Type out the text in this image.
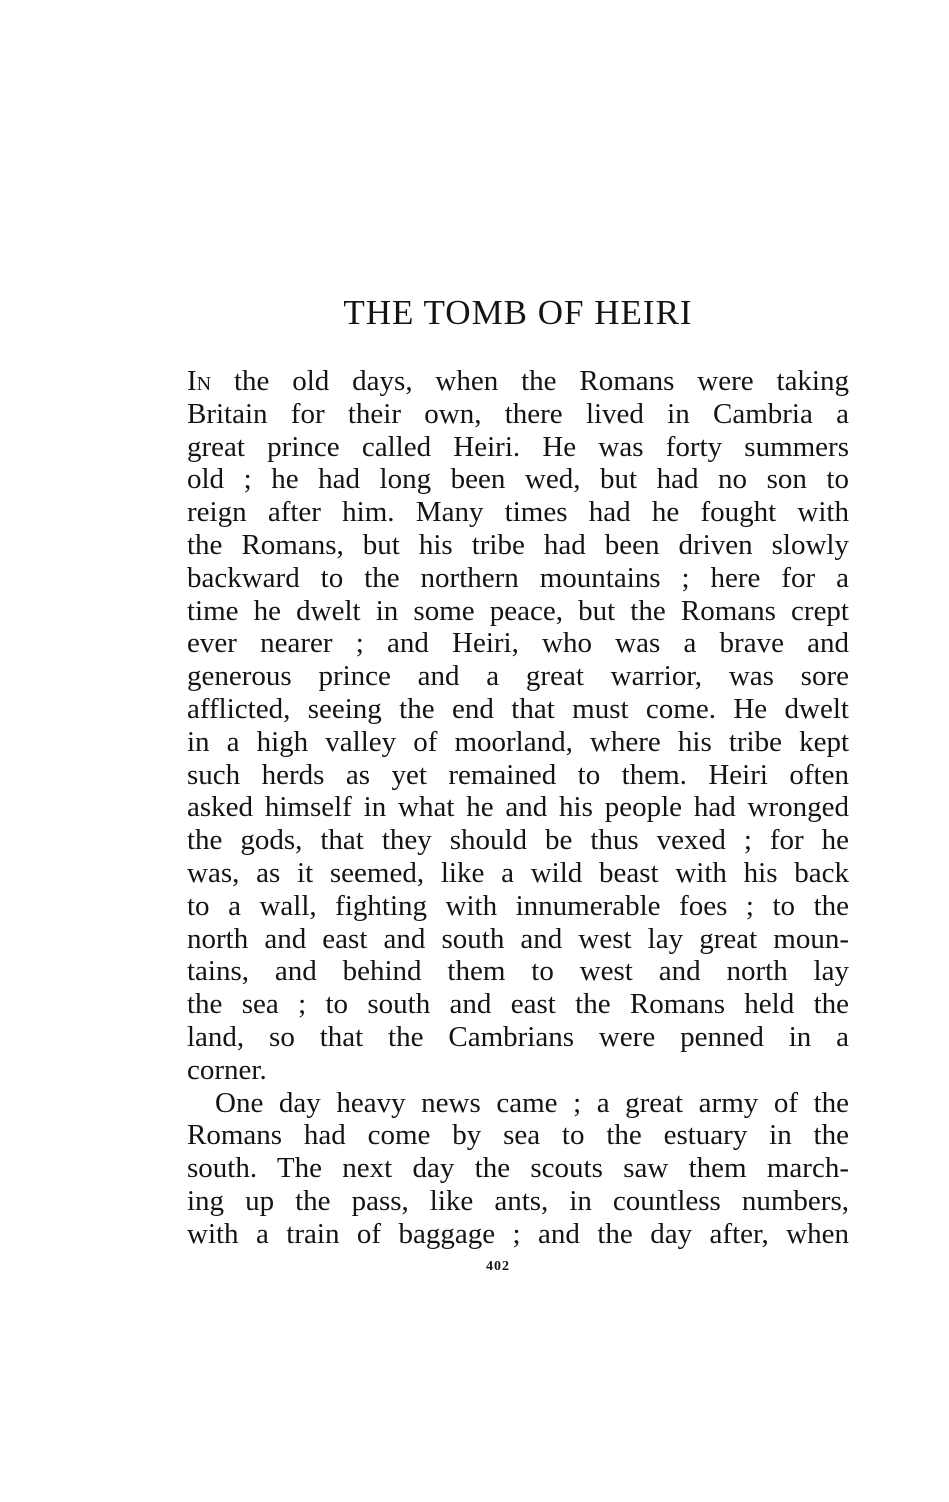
THE TOMB OF HEIRI
In the old days, when the Romans were taking
Britain for their own, there lived in Cambria a
great prince called Heiri. He was forty summers
old ; he had long been wed, but had no son to
reign after him. Many times had he fought with
the Romans, but his tribe had been driven slowly
backward to the northern mountains ; here for a
time he dwelt in some peace, but the Romans crept
ever nearer ; and Heiri, who was a brave and
generous prince and a great warrior, was sore
afflicted, seeing the end that must come. He dwelt
in a high valley of moorland, where his tribe kept
such herds as yet remained to them. Heiri often
asked himself in what he and his people had wronged
the gods, that they should be thus vexed ; for he
was, as it seemed, like a wild beast with his back
to a wall, fighting with innumerable foes ; to the
north and east and south and west lay great moun-
tains, and behind them to west and north lay
the sea ; to south and east the Romans held the
land, so that the Cambrians were penned in a
corner.
One day heavy news came ; a great army of the
Romans had come by sea to the estuary in the
south. The next day the scouts saw them march-
ing up the pass, like ants, in countless numbers,
with a train of baggage ; and the day after, when

402
